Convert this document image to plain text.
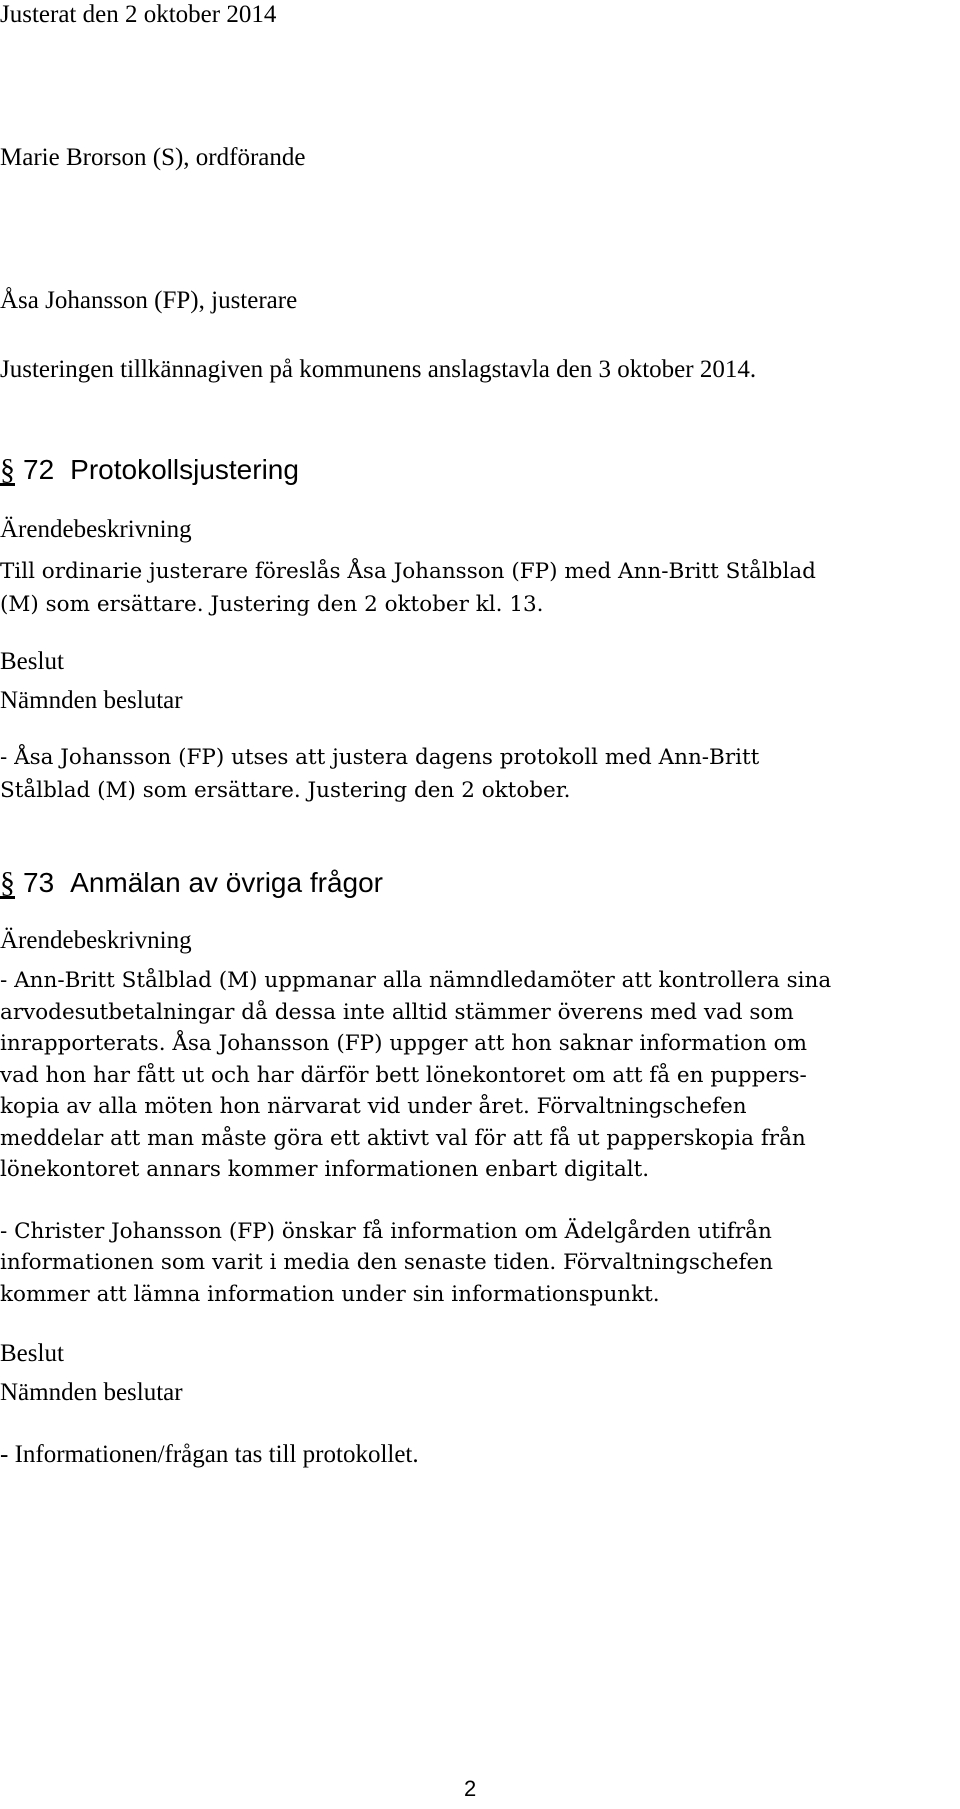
Justerat den 2 oktober 2014
Marie Brorson (S), ordförande
Åsa Johansson (FP), justerare
Justeringen tillkännagiven på kommunens anslagstavla den 3 oktober 2014.
§ 72 Protokollsjustering
Ärendebeskrivning
Till ordinarie justerare föreslås Åsa Johansson (FP) med Ann-Britt Stålblad
(M) som ersättare. Justering den 2 oktober kl. 13.
Beslut
Nämnden beslutar
- Åsa Johansson (FP) utses att justera dagens protokoll med Ann-Britt
Stålblad (M) som ersättare. Justering den 2 oktober.
§ 73 Anmälan av övriga frågor
Ärendebeskrivning
- Ann-Britt Stålblad (M) uppmanar alla nämndledamöter att kontrollera sina
arvodesutbetalningar då dessa inte alltid stämmer överens med vad som
inrapporterats. Åsa Johansson (FP) uppger att hon saknar information om
vad hon har fått ut och har därför bett lönekontoret om att få en puppers-
kopia av alla möten hon närvarat vid under året. Förvaltningschefen
meddelar att man måste göra ett aktivt val för att få ut papperskopia från
lönekontoret annars kommer informationen enbart digitalt.
- Christer Johansson (FP) önskar få information om Ädelgården utifrån
informationen som varit i media den senaste tiden. Förvaltningschefen
kommer att lämna information under sin informationspunkt.
Beslut
Nämnden beslutar
- Informationen/frågan tas till protokollet.
2
